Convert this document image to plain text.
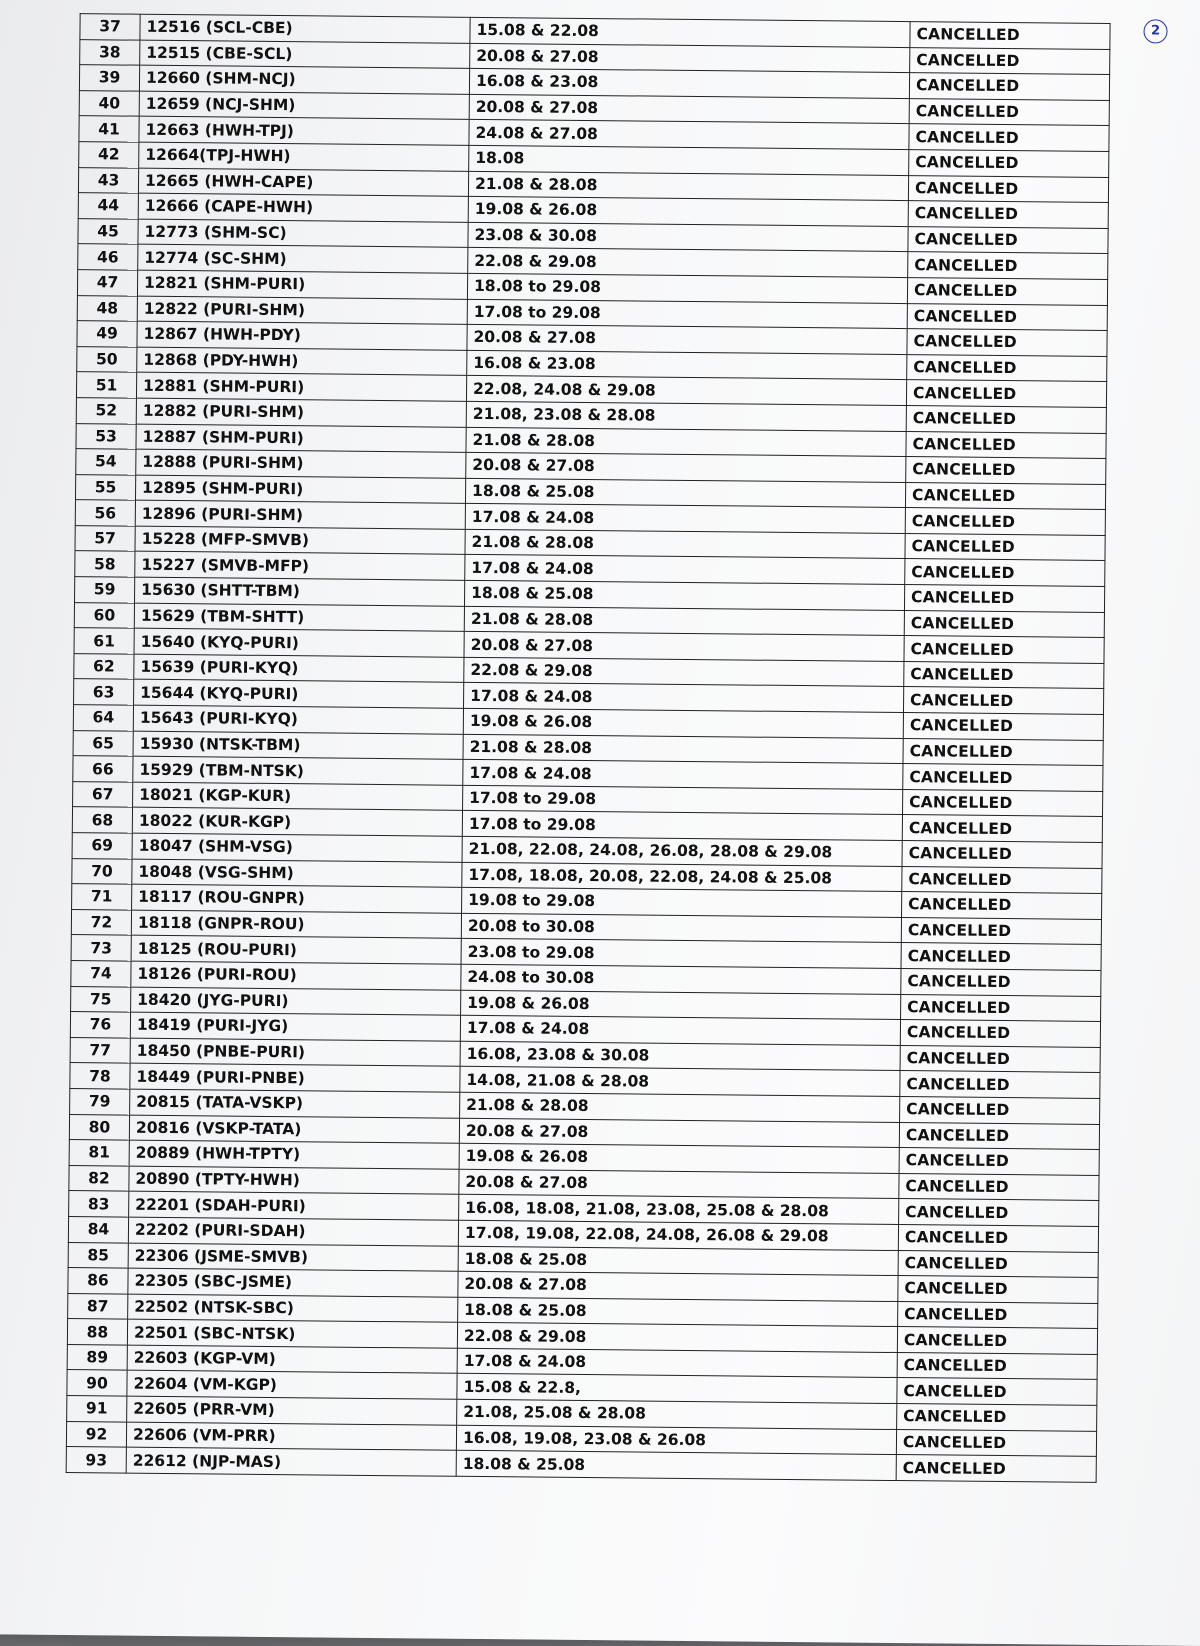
37	12516 (SCL-CBE)	15.08 & 22.08	CANCELLED
38	12515 (CBE-SCL)	20.08 & 27.08	CANCELLED
39	12660 (SHM-NCJ)	16.08 & 23.08	CANCELLED
40	12659 (NCJ-SHM)	20.08 & 27.08	CANCELLED
41	12663 (HWH-TPJ)	24.08 & 27.08	CANCELLED
42	12664(TPJ-HWH)	18.08	CANCELLED
43	12665 (HWH-CAPE)	21.08 & 28.08	CANCELLED
44	12666 (CAPE-HWH)	19.08 & 26.08	CANCELLED
45	12773 (SHM-SC)	23.08 & 30.08	CANCELLED
46	12774 (SC-SHM)	22.08 & 29.08	CANCELLED
47	12821 (SHM-PURI)	18.08 to 29.08	CANCELLED
48	12822 (PURI-SHM)	17.08 to 29.08	CANCELLED
49	12867 (HWH-PDY)	20.08 & 27.08	CANCELLED
50	12868 (PDY-HWH)	16.08 & 23.08	CANCELLED
51	12881 (SHM-PURI)	22.08, 24.08 & 29.08	CANCELLED
52	12882 (PURI-SHM)	21.08, 23.08 & 28.08	CANCELLED
53	12887 (SHM-PURI)	21.08 & 28.08	CANCELLED
54	12888 (PURI-SHM)	20.08 & 27.08	CANCELLED
55	12895 (SHM-PURI)	18.08 & 25.08	CANCELLED
56	12896 (PURI-SHM)	17.08 & 24.08	CANCELLED
57	15228 (MFP-SMVB)	21.08 & 28.08	CANCELLED
58	15227 (SMVB-MFP)	17.08 & 24.08	CANCELLED
59	15630 (SHTT-TBM)	18.08 & 25.08	CANCELLED
60	15629 (TBM-SHTT)	21.08 & 28.08	CANCELLED
61	15640 (KYQ-PURI)	20.08 & 27.08	CANCELLED
62	15639 (PURI-KYQ)	22.08 & 29.08	CANCELLED
63	15644 (KYQ-PURI)	17.08 & 24.08	CANCELLED
64	15643 (PURI-KYQ)	19.08 & 26.08	CANCELLED
65	15930 (NTSK-TBM)	21.08 & 28.08	CANCELLED
66	15929 (TBM-NTSK)	17.08 & 24.08	CANCELLED
67	18021 (KGP-KUR)	17.08 to 29.08	CANCELLED
68	18022 (KUR-KGP)	17.08 to 29.08	CANCELLED
69	18047 (SHM-VSG)	21.08, 22.08, 24.08, 26.08, 28.08 & 29.08	CANCELLED
70	18048 (VSG-SHM)	17.08, 18.08, 20.08, 22.08, 24.08 & 25.08	CANCELLED
71	18117 (ROU-GNPR)	19.08 to 29.08	CANCELLED
72	18118 (GNPR-ROU)	20.08 to 30.08	CANCELLED
73	18125 (ROU-PURI)	23.08 to 29.08	CANCELLED
74	18126 (PURI-ROU)	24.08 to 30.08	CANCELLED
75	18420 (JYG-PURI)	19.08 & 26.08	CANCELLED
76	18419 (PURI-JYG)	17.08 & 24.08	CANCELLED
77	18450 (PNBE-PURI)	16.08, 23.08 & 30.08	CANCELLED
78	18449 (PURI-PNBE)	14.08, 21.08 & 28.08	CANCELLED
79	20815 (TATA-VSKP)	21.08 & 28.08	CANCELLED
80	20816 (VSKP-TATA)	20.08 & 27.08	CANCELLED
81	20889 (HWH-TPTY)	19.08 & 26.08	CANCELLED
82	20890 (TPTY-HWH)	20.08 & 27.08	CANCELLED
83	22201 (SDAH-PURI)	16.08, 18.08, 21.08, 23.08, 25.08 & 28.08	CANCELLED
84	22202 (PURI-SDAH)	17.08, 19.08, 22.08, 24.08, 26.08 & 29.08	CANCELLED
85	22306 (JSME-SMVB)	18.08 & 25.08	CANCELLED
86	22305 (SBC-JSME)	20.08 & 27.08	CANCELLED
87	22502 (NTSK-SBC)	18.08 & 25.08	CANCELLED
88	22501 (SBC-NTSK)	22.08 & 29.08	CANCELLED
89	22603 (KGP-VM)	17.08 & 24.08	CANCELLED
90	22604 (VM-KGP)	15.08 & 22.8,	CANCELLED
91	22605 (PRR-VM)	21.08, 25.08 & 28.08	CANCELLED
92	22606 (VM-PRR)	16.08, 19.08, 23.08 & 26.08	CANCELLED
93	22612 (NJP-MAS)	18.08 & 25.08	CANCELLED
2
